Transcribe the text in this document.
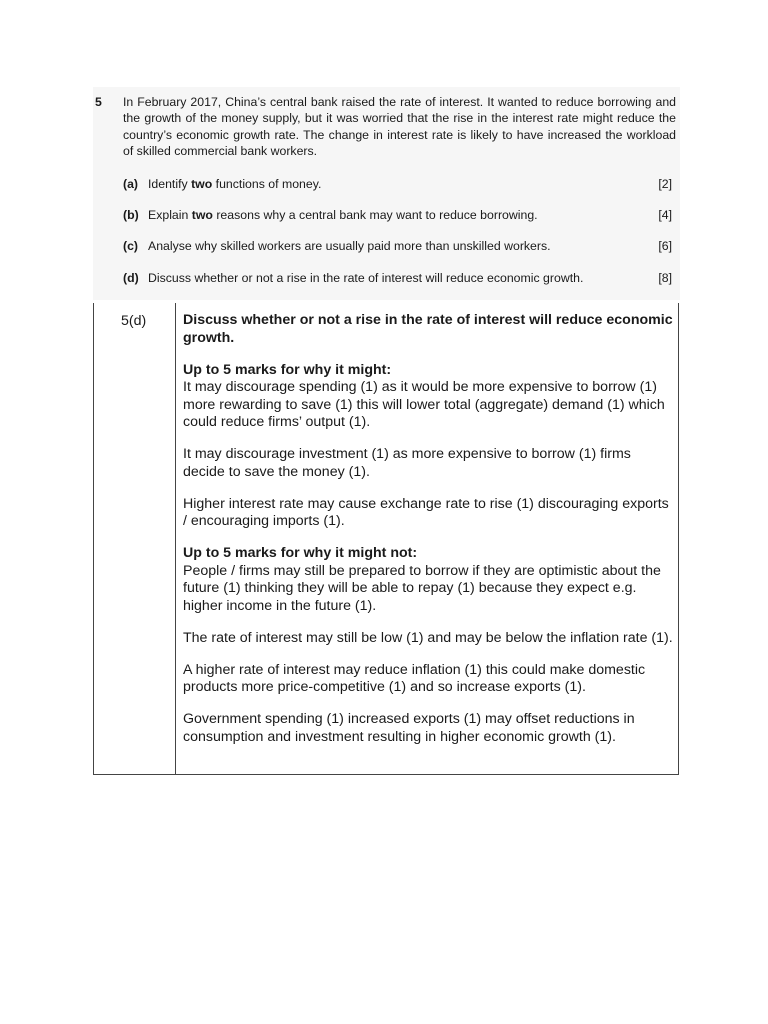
5 In February 2017, China’s central bank raised the rate of interest. It wanted to reduce borrowing and the growth of the money supply, but it was worried that the rise in the interest rate might reduce the country’s economic growth rate. The change in interest rate is likely to have increased the workload of skilled commercial bank workers.

(a) Identify two functions of money.	[2]
(b) Explain two reasons why a central bank may want to reduce borrowing.	[4]
(c) Analyse why skilled workers are usually paid more than unskilled workers.	[6]
(d) Discuss whether or not a rise in the rate of interest will reduce economic growth.	[8]
5(d)	Discuss whether or not a rise in the rate of interest will reduce economic growth.

Up to 5 marks for why it might:
It may discourage spending (1) as it would be more expensive to borrow (1) more rewarding to save (1) this will lower total (aggregate) demand (1) which could reduce firms’ output (1).

It may discourage investment (1) as more expensive to borrow (1) firms decide to save the money (1).

Higher interest rate may cause exchange rate to rise (1) discouraging exports / encouraging imports (1).

Up to 5 marks for why it might not:
People / firms may still be prepared to borrow if they are optimistic about the future (1) thinking they will be able to repay (1) because they expect e.g. higher income in the future (1).

The rate of interest may still be low (1) and may be below the inflation rate (1).

A higher rate of interest may reduce inflation (1) this could make domestic products more price-competitive (1) and so increase exports (1).

Government spending (1) increased exports (1) may offset reductions in consumption and investment resulting in higher economic growth (1).
